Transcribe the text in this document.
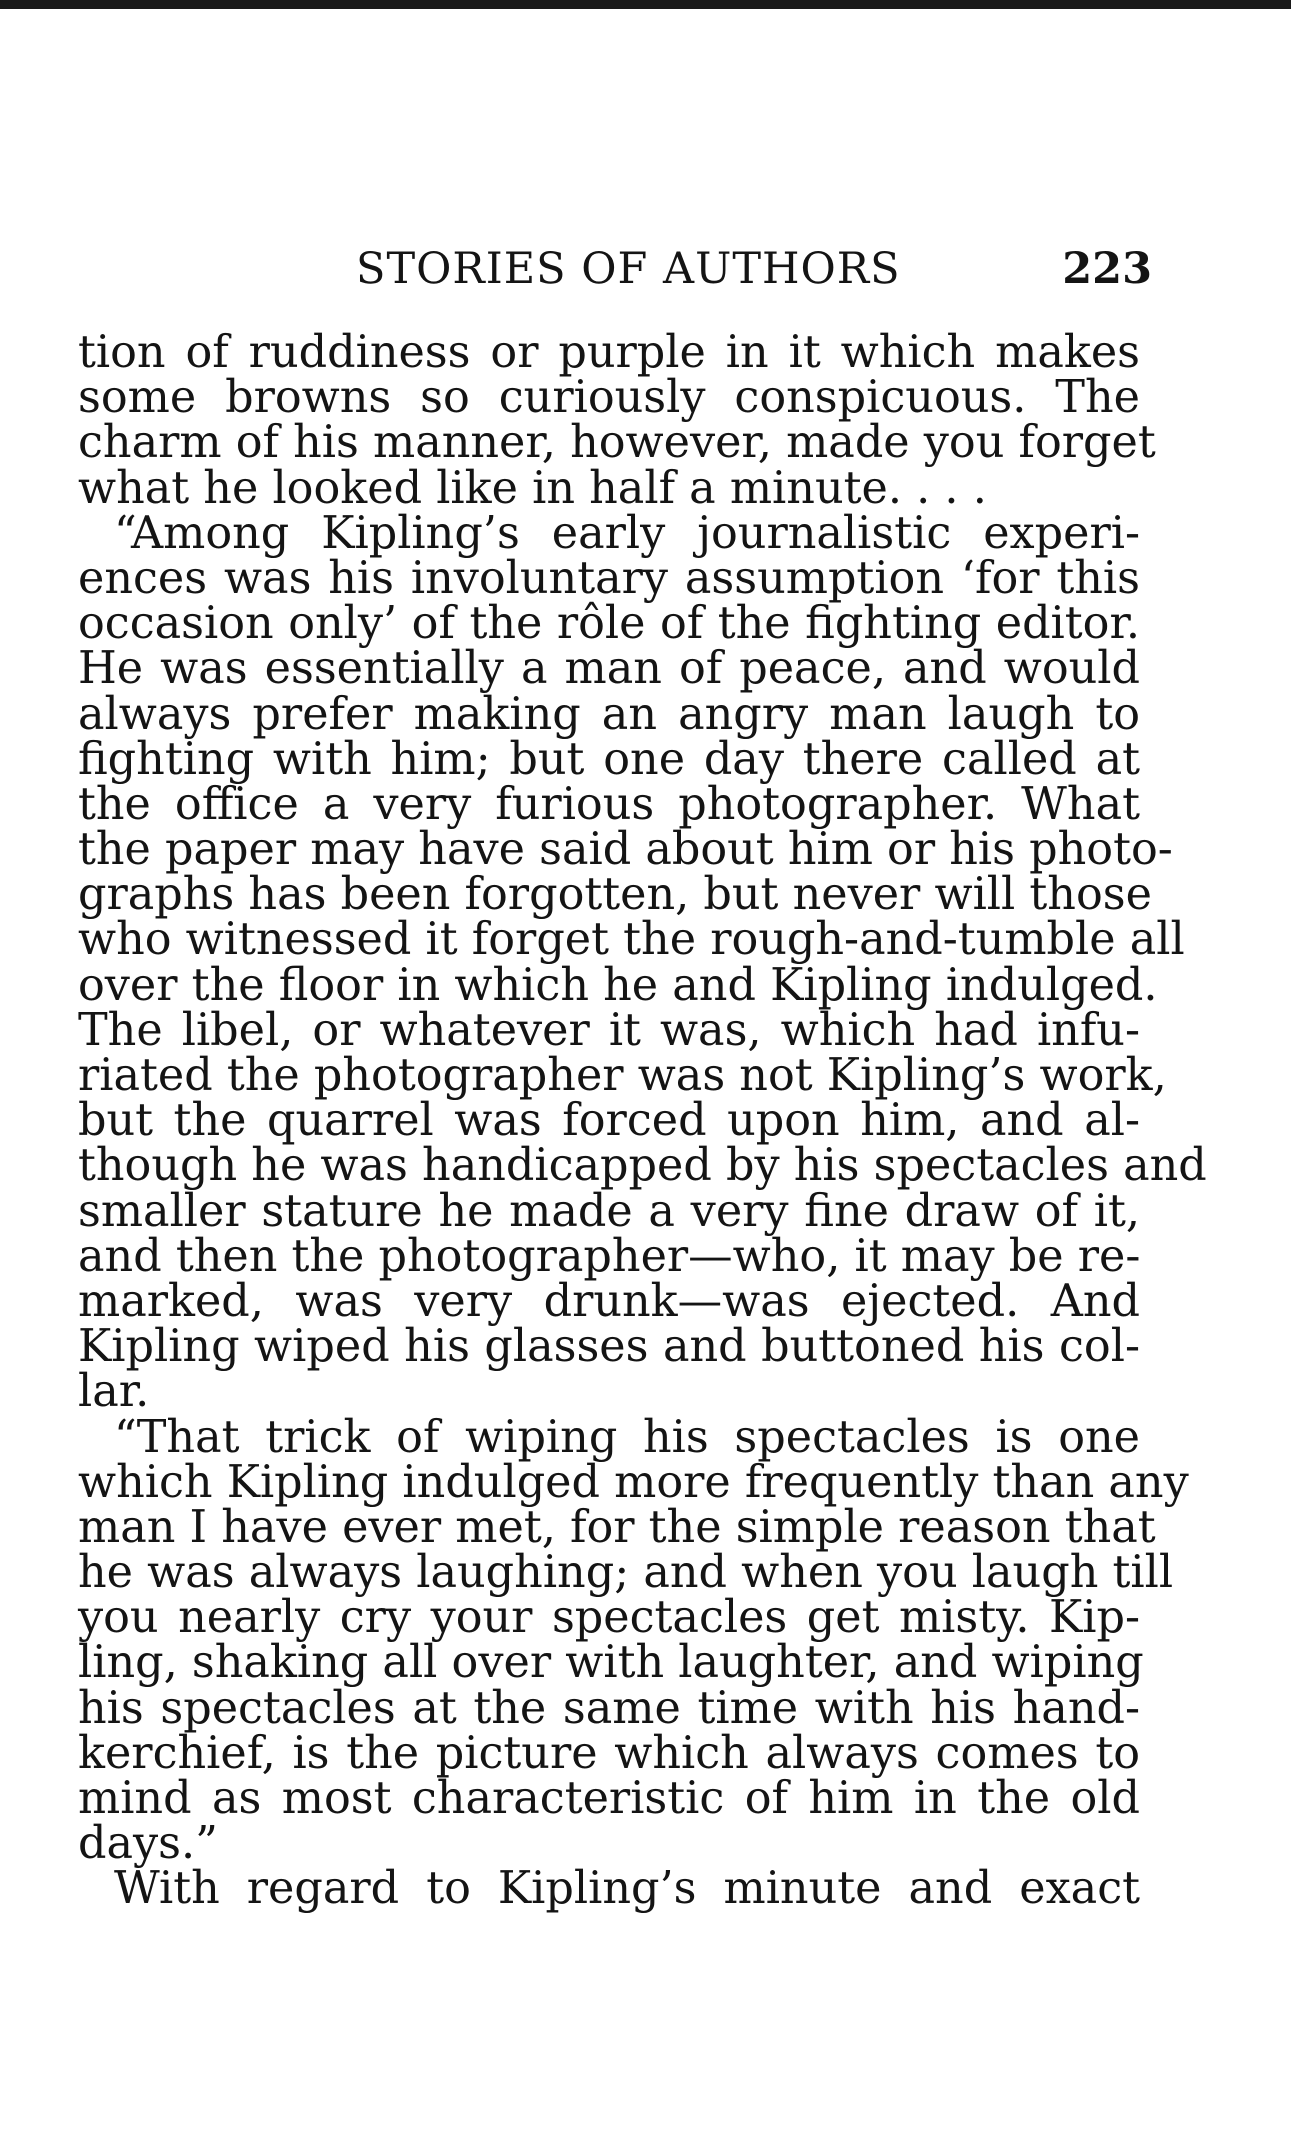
STORIES OF AUTHORS	223
tion of ruddiness or purple in it which makes
some browns so curiously conspicuous. The
charm of his manner, however, made you forget
what he looked like in half a minute. . . .
“Among Kipling’s early journalistic experi-
ences was his involuntary assumption ‘for this
occasion only’ of the rôle of the fighting editor.
He was essentially a man of peace, and would
always prefer making an angry man laugh to
fighting with him; but one day there called at
the office a very furious photographer. What
the paper may have said about him or his photo-
graphs has been forgotten, but never will those
who witnessed it forget the rough-and-tumble all
over the floor in which he and Kipling indulged.
The libel, or whatever it was, which had infu-
riated the photographer was not Kipling’s work,
but the quarrel was forced upon him, and al-
though he was handicapped by his spectacles and
smaller stature he made a very fine draw of it,
and then the photographer—who, it may be re-
marked, was very drunk—was ejected. And
Kipling wiped his glasses and buttoned his col-
lar.
“That trick of wiping his spectacles is one
which Kipling indulged more frequently than any
man I have ever met, for the simple reason that
he was always laughing; and when you laugh till
you nearly cry your spectacles get misty. Kip-
ling, shaking all over with laughter, and wiping
his spectacles at the same time with his hand-
kerchief, is the picture which always comes to
mind as most characteristic of him in the old
days.”
With regard to Kipling’s minute and exact
